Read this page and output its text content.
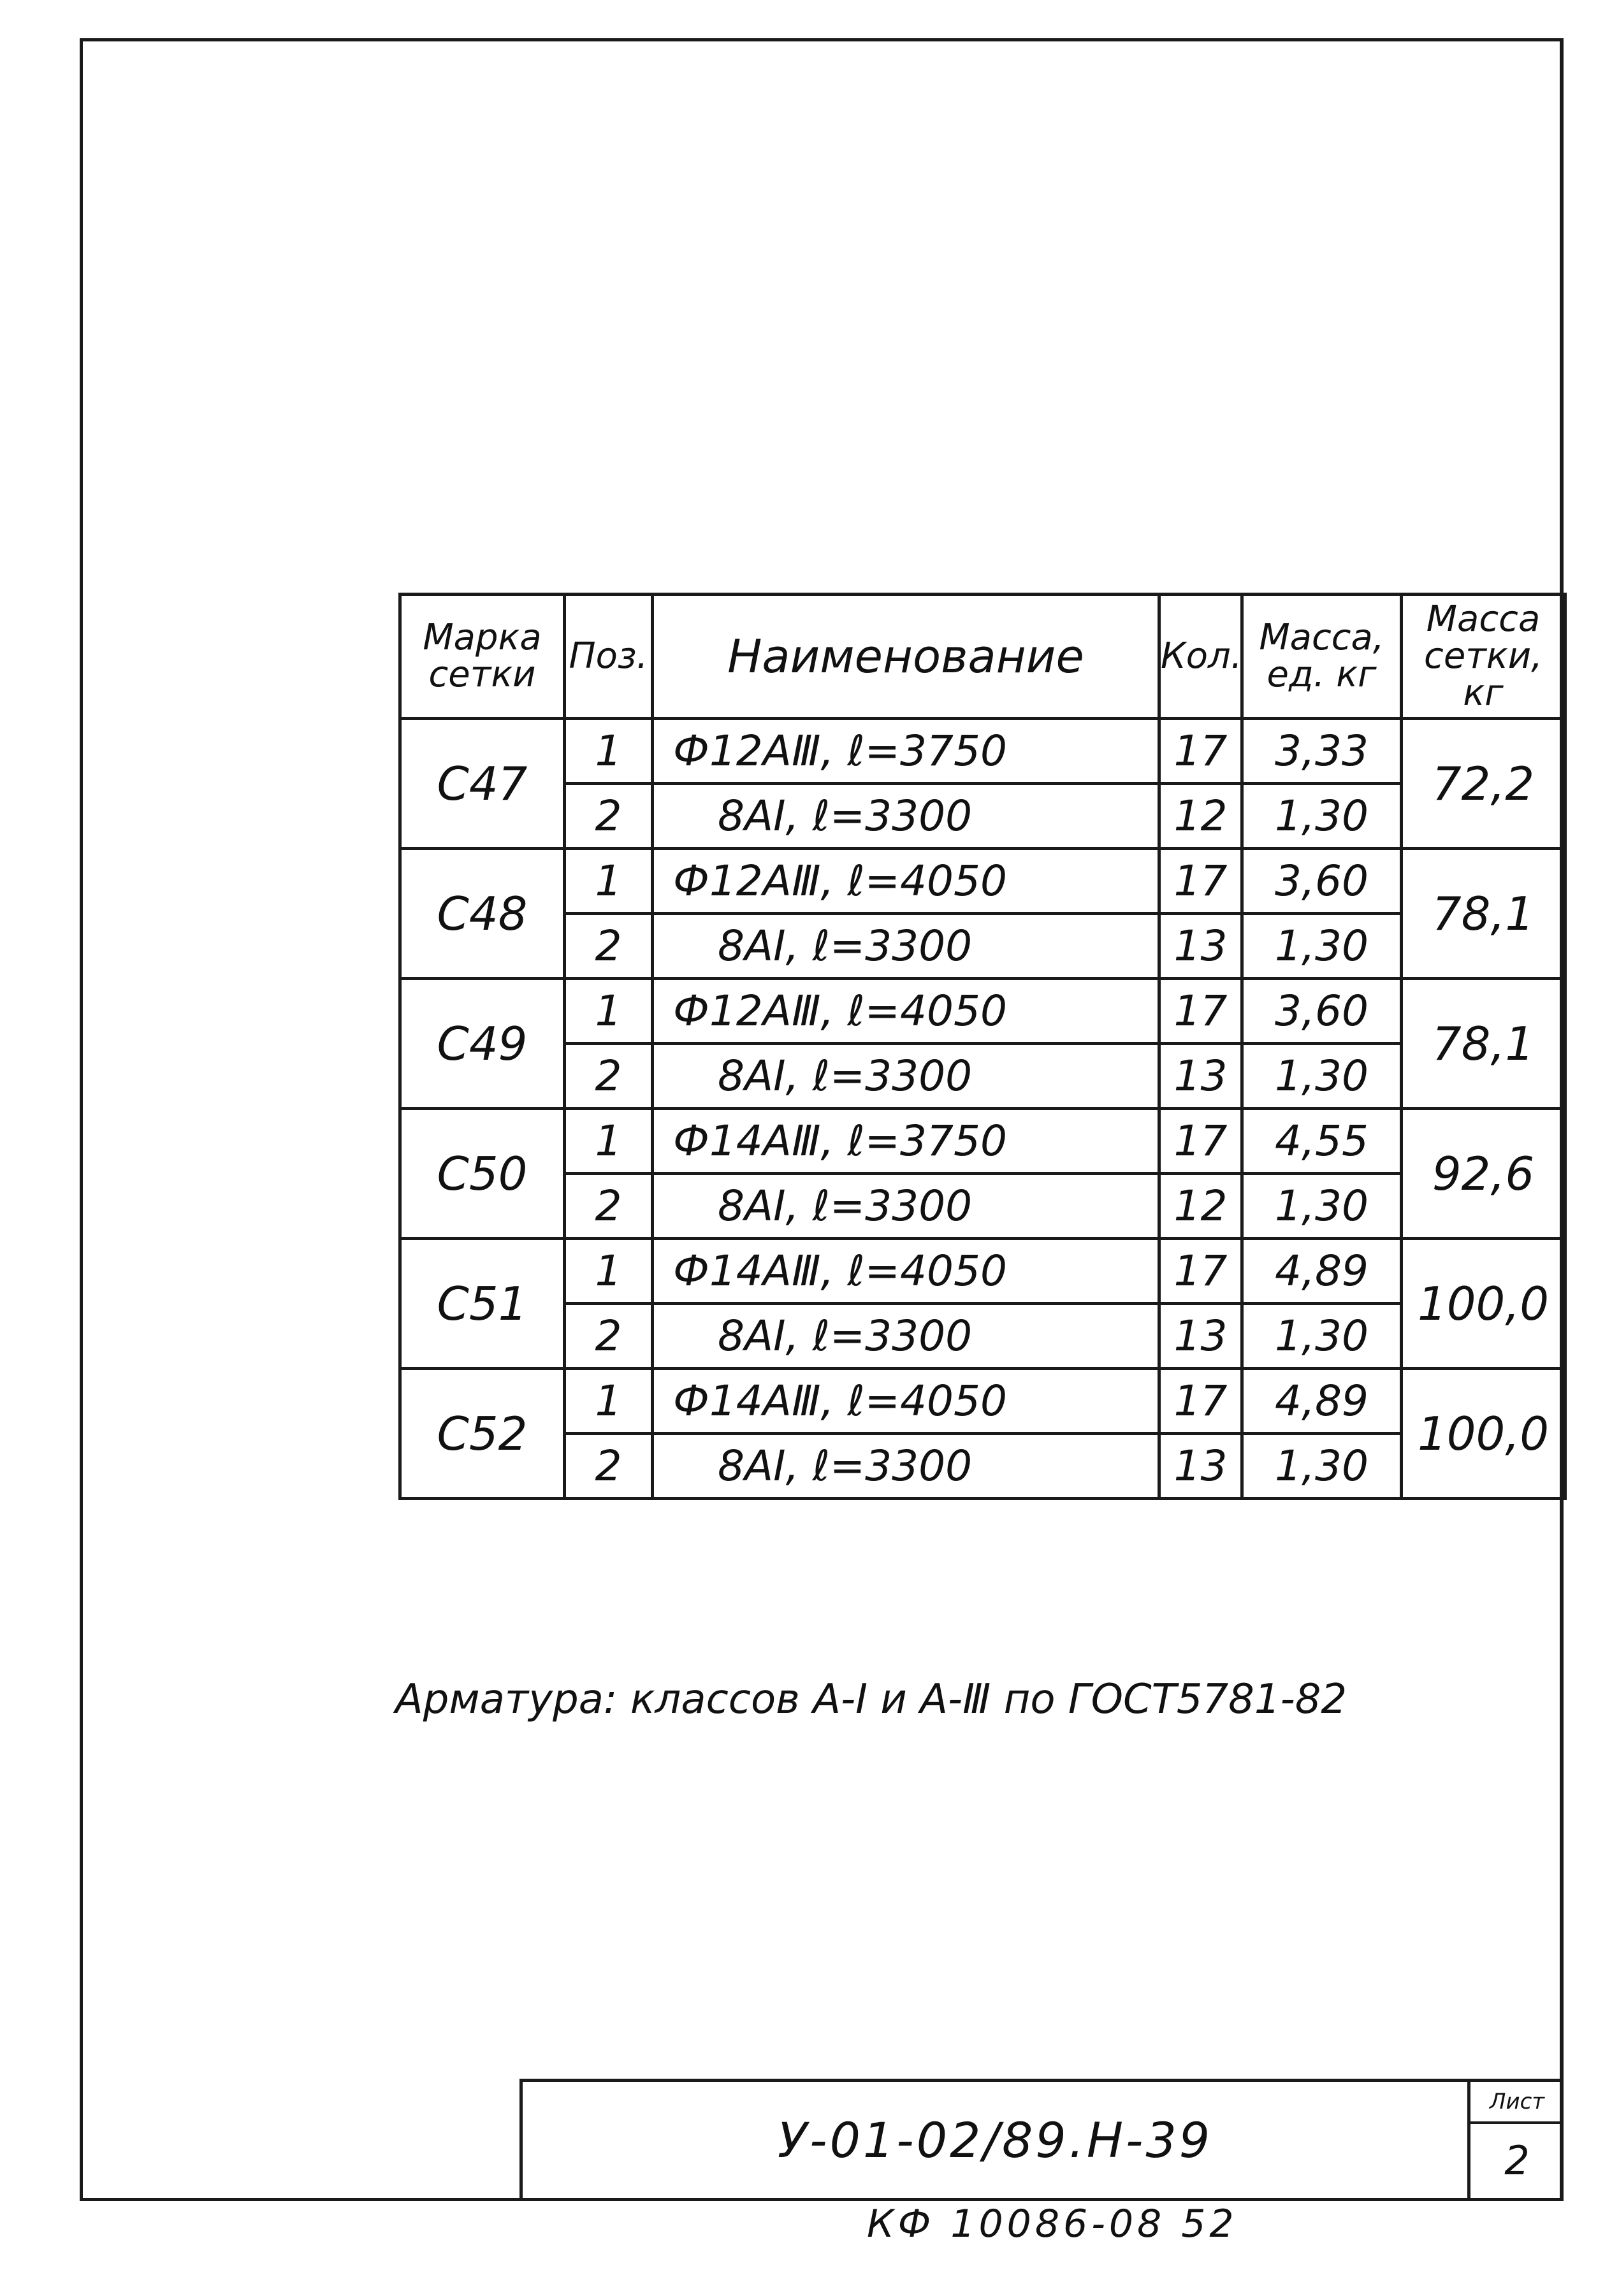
Марка сетки	Поз.	Наименование	Кол.	Масса, ед. кг	Масса сетки, кг
С47	1	Ф12АⅢ, ℓ=3750	17	3,33	72,2
	2	8АI, ℓ=3300	12	1,30	
С48	1	Ф12АⅢ, ℓ=4050	17	3,60	78,1
	2	8АI, ℓ=3300	13	1,30	
С49	1	Ф12АⅢ, ℓ=4050	17	3,60	78,1
	2	8АI, ℓ=3300	13	1,30	
С50	1	Ф14АⅢ, ℓ=3750	17	4,55	92,6
	2	8АI, ℓ=3300	12	1,30	
С51	1	Ф14АⅢ, ℓ=4050	17	4,89	100,0
	2	8АI, ℓ=3300	13	1,30	
С52	1	Ф14АⅢ, ℓ=4050	17	4,89	100,0
	2	8АI, ℓ=3300	13	1,30	
Арматура: классов А-I и А-Ⅲ по ГОСТ5781-82
У-01-02/89.Н-39
Лист
2
КФ 10086-08 52
